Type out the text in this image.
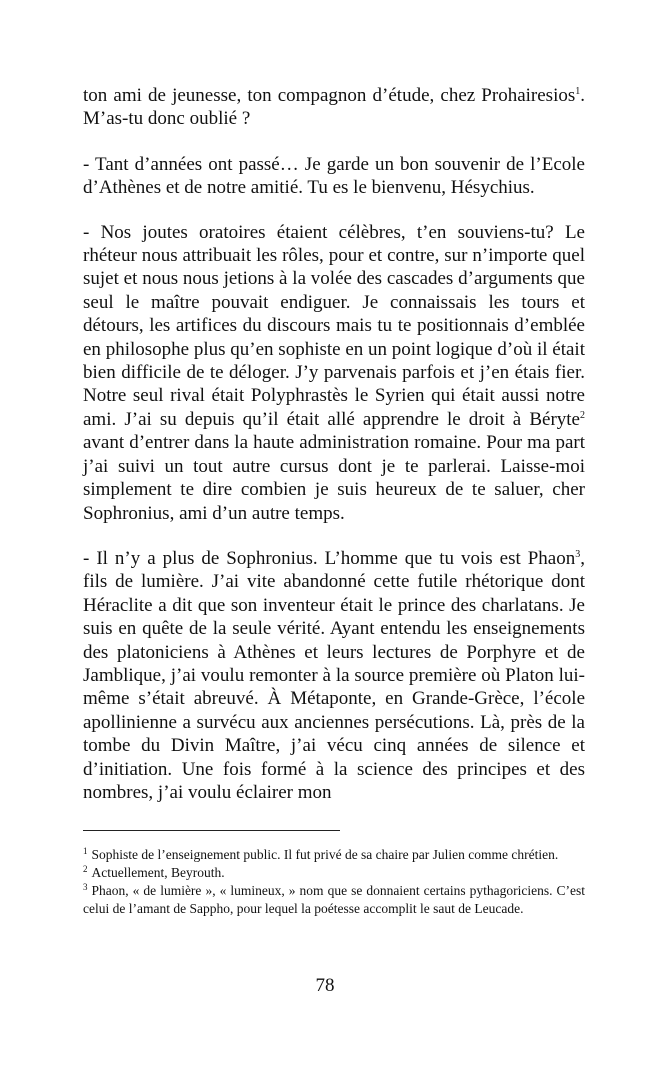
ton ami de jeunesse, ton compagnon d’étude, chez Prohairesios$^1$. M’as-tu donc oublié ?

- Tant d’années ont passé… Je garde un bon souvenir de l’Ecole d’Athènes et de notre amitié. Tu es le bienvenu, Hésychius.

- Nos joutes oratoires étaient célèbres, t’en souviens-tu? Le rhéteur nous attribuait les rôles, pour et contre, sur n’importe quel sujet et nous nous jetions à la volée des cascades d’arguments que seul le maître pouvait endiguer. Je connaissais les tours et détours, les artifices du discours mais tu te positionnais d’emblée en philosophe plus qu’en sophiste en un point logique d’où il était bien difficile de te déloger. J’y parvenais parfois et j’en étais fier. Notre seul rival était Polyphrastès le Syrien qui était aussi notre ami. J’ai su depuis qu’il était allé apprendre le droit à Béryte$^2$ avant d’entrer dans la haute administration romaine. Pour ma part j’ai suivi un tout autre cursus dont je te parlerai. Laisse-moi simplement te dire combien je suis heureux de te saluer, cher Sophronius, ami d’un autre temps.

- Il n’y a plus de Sophronius. L’homme que tu vois est Phaon$^3$, fils de lumière. J’ai vite abandonné cette futile rhétorique dont Héraclite a dit que son inventeur était le prince des charlatans. Je suis en quête de la seule vérité. Ayant entendu les enseignements des platoniciens à Athènes et leurs lectures de Porphyre et de Jamblique, j’ai voulu remonter à la source première où Platon lui-même s’était abreuvé. À Métaponte, en Grande-Grèce, l’école apollinienne a survécu aux anciennes persécutions. Là, près de la tombe du Divin Maître, j’ai vécu cinq années de silence et d’initiation. Une fois formé à la science des principes et des nombres, j’ai voulu éclairer mon

$^1$ Sophiste de l’enseignement public. Il fut privé de sa chaire par Julien comme chrétien.

$^2$ Actuellement, Beyrouth.

$^3$ Phaon, « de lumière », « lumineux, » nom que se donnaient certains pythagoriciens. C’est celui de l’amant de Sappho, pour lequel la poétesse accomplit le saut de Leucade.

78
